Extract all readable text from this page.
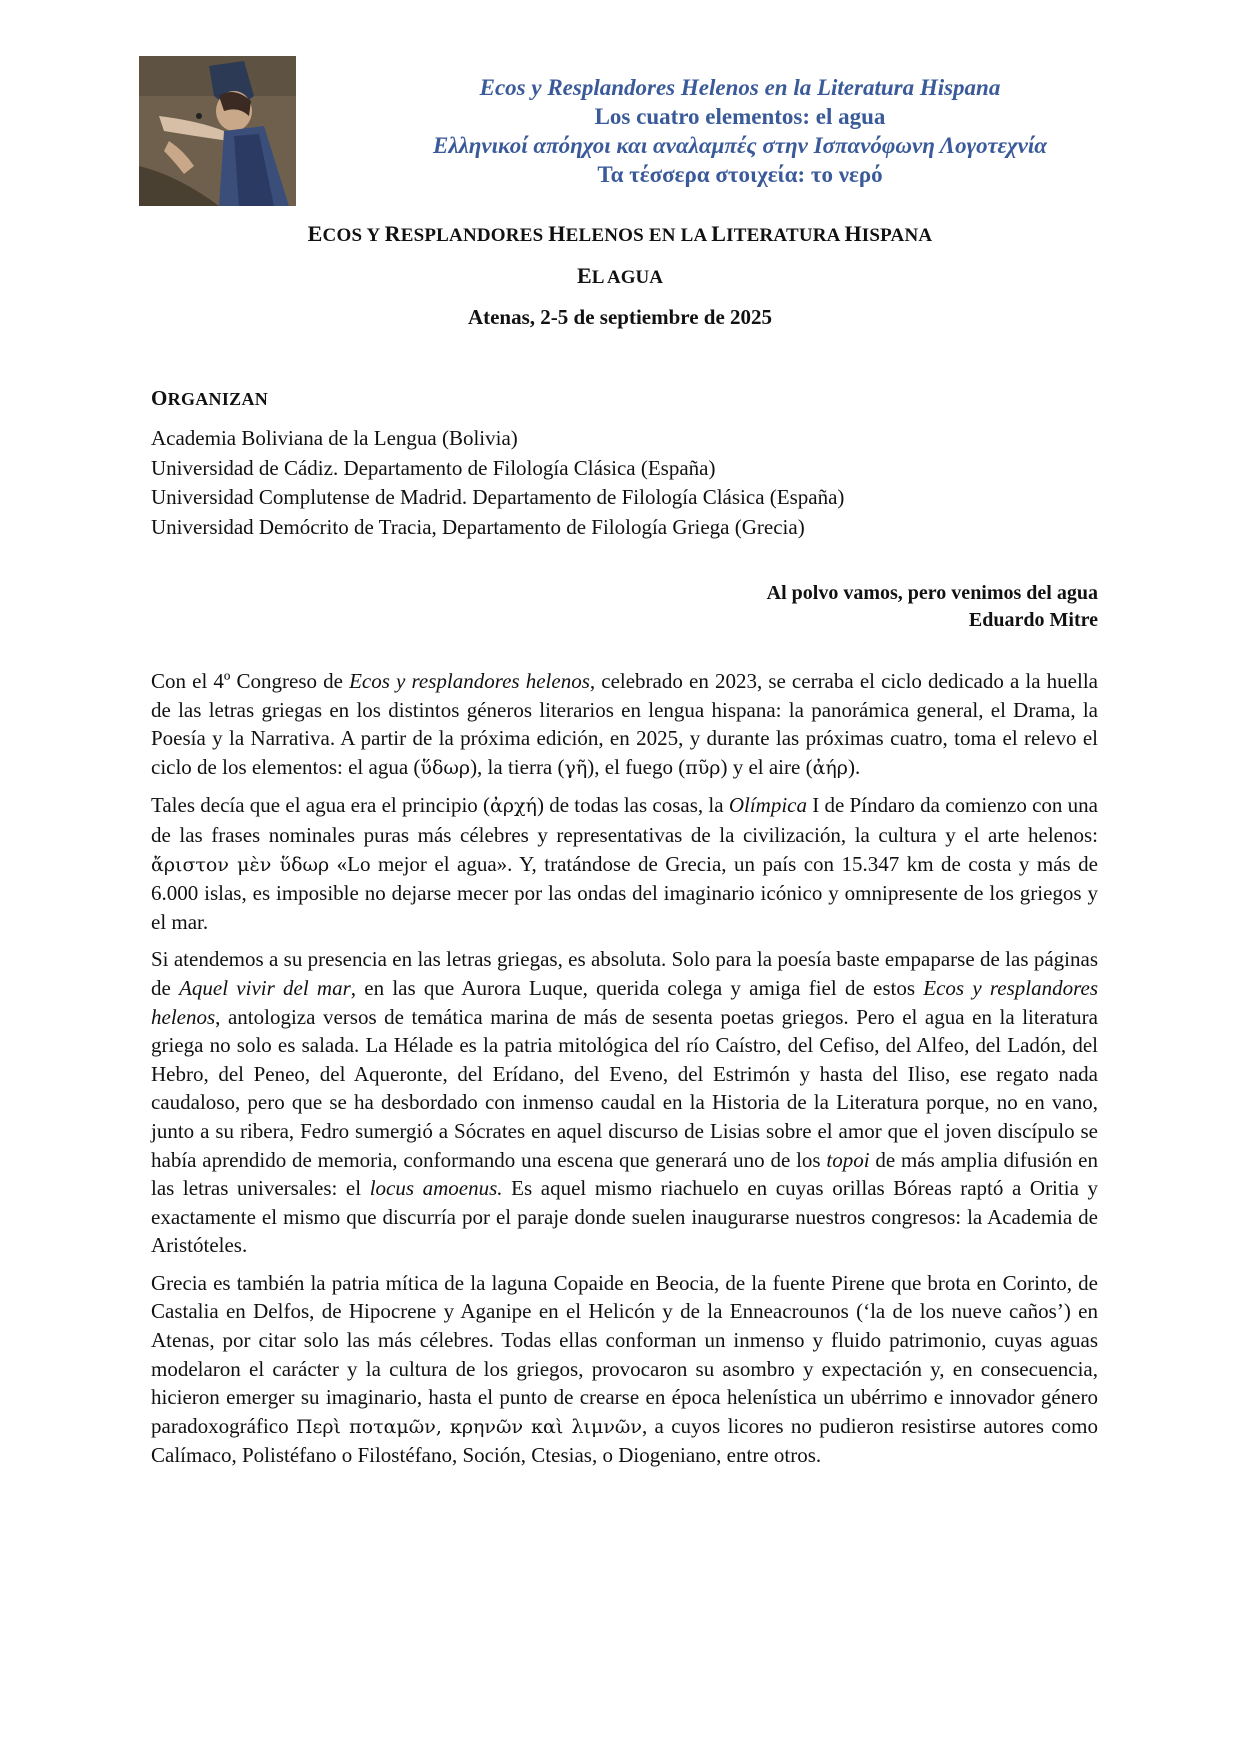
Ecos y Resplandores Helenos en la Literatura Hispana
Los cuatro elementos: el agua
Ελληνικοί απόηχοι και αναλαμπές στην Ισπανόφωνη Λογοτεχνία
Τα τέσσερα στοιχεία: το νερό
ECOS Y RESPLANDORES HELENOS EN LA LITERATURA HISPANA
EL AGUA
Atenas, 2-5 de septiembre de 2025
ORGANIZAN
Academia Boliviana de la Lengua (Bolivia)
Universidad de Cádiz. Departamento de Filología Clásica (España)
Universidad Complutense de Madrid. Departamento de Filología Clásica (España)
Universidad Demócrito de Tracia, Departamento de Filología Griega (Grecia)
Al polvo vamos, pero venimos del agua
Eduardo Mitre

Con el 4º Congreso de Ecos y resplandores helenos, celebrado en 2023, se cerraba el ciclo dedicado a la huella de las letras griegas en los distintos géneros literarios en lengua hispana: la panorámica general, el Drama, la Poesía y la Narrativa. A partir de la próxima edición, en 2025, y durante las próximas cuatro, toma el relevo el ciclo de los elementos: el agua (ὕδωρ), la tierra (γῆ), el fuego (πῦρ) y el aire (ἀήρ).

Tales decía que el agua era el principio (ἀρχή) de todas las cosas, la Olímpica I de Píndaro da comienzo con una de las frases nominales puras más célebres y representativas de la civilización, la cultura y el arte helenos: ἄριστον μὲν ὕδωρ «Lo mejor el agua». Y, tratándose de Grecia, un país con 15.347 km de costa y más de 6.000 islas, es imposible no dejarse mecer por las ondas del imaginario icónico y omnipresente de los griegos y el mar.

Si atendemos a su presencia en las letras griegas, es absoluta. Solo para la poesía baste empaparse de las páginas de Aquel vivir del mar, en las que Aurora Luque, querida colega y amiga fiel de estos Ecos y resplandores helenos, antologiza versos de temática marina de más de sesenta poetas griegos. Pero el agua en la literatura griega no solo es salada. La Hélade es la patria mitológica del río Caístro, del Cefiso, del Alfeo, del Ladón, del Hebro, del Peneo, del Aqueronte, del Erídano, del Eveno, del Estrimón y hasta del Iliso, ese regato nada caudaloso, pero que se ha desbordado con inmenso caudal en la Historia de la Literatura porque, no en vano, junto a su ribera, Fedro sumergió a Sócrates en aquel discurso de Lisias sobre el amor que el joven discípulo se había aprendido de memoria, conformando una escena que generará uno de los topoi de más amplia difusión en las letras universales: el locus amoenus. Es aquel mismo riachuelo en cuyas orillas Bóreas raptó a Oritia y exactamente el mismo que discurría por el paraje donde suelen inaugurarse nuestros congresos: la Academia de Aristóteles.

Grecia es también la patria mítica de la laguna Copaide en Beocia, de la fuente Pirene que brota en Corinto, de Castalia en Delfos, de Hipocrene y Aganipe en el Helicón y de la Enneacrounos (‘la de los nueve caños’) en Atenas, por citar solo las más célebres. Todas ellas conforman un inmenso y fluido patrimonio, cuyas aguas modelaron el carácter y la cultura de los griegos, provocaron su asombro y expectación y, en consecuencia, hicieron emerger su imaginario, hasta el punto de crearse en época helenística un ubérrimo e innovador género paradoxográfico Περὶ ποταμῶν, κρηνῶν καὶ λιμνῶν, a cuyos licores no pudieron resistirse autores como Calímaco, Polistéfano o Filostéfano, Soción, Ctesias, o Diogeniano, entre otros.
